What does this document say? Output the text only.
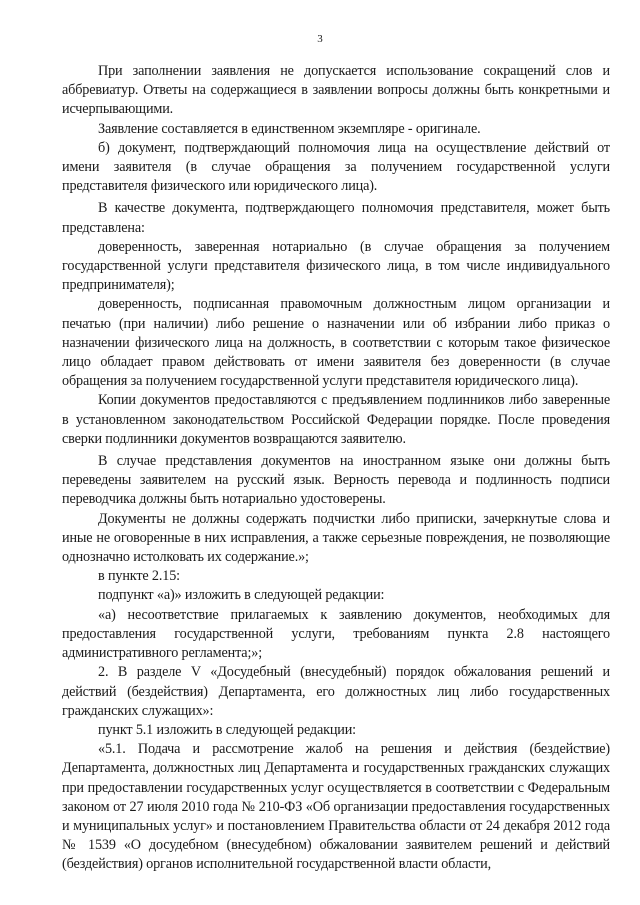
3

При заполнении заявления не допускается использование сокращений слов и аббревиатур. Ответы на содержащиеся в заявлении вопросы должны быть конкретными и исчерпывающими.

Заявление составляется в единственном экземпляре - оригинале.

б) документ, подтверждающий полномочия лица на осуществление действий от имени заявителя (в случае обращения за получением государственной услуги представителя физического или юридического лица).

В качестве документа, подтверждающего полномочия представителя, может быть представлена:

доверенность, заверенная нотариально (в случае обращения за получением государственной услуги представителя физического лица, в том числе индивидуального предпринимателя);

доверенность, подписанная правомочным должностным лицом организации и печатью (при наличии) либо решение о назначении или об избрании либо приказ о назначении физического лица на должность, в соответствии с которым такое физическое лицо обладает правом действовать от имени заявителя без доверенности (в случае обращения за получением государственной услуги представителя юридического лица).

Копии документов предоставляются с предъявлением подлинников либо заверенные в установленном законодательством Российской Федерации порядке. После проведения сверки подлинники документов возвращаются заявителю.

В случае представления документов на иностранном языке они должны быть переведены заявителем на русский язык. Верность перевода и подлинность подписи переводчика должны быть нотариально удостоверены.

Документы не должны содержать подчистки либо приписки, зачеркнутые слова и иные не оговоренные в них исправления, а также серьезные повреждения, не позволяющие однозначно истолковать их содержание.»;

в пункте 2.15:

подпункт «а)» изложить в следующей редакции:

«а) несоответствие прилагаемых к заявлению документов, необходимых для предоставления государственной услуги, требованиям пункта 2.8 настоящего административного регламента;»;

2. В разделе V «Досудебный (внесудебный) порядок обжалования решений и действий (бездействия) Департамента, его должностных лиц либо государственных гражданских служащих»:

пункт 5.1 изложить в следующей редакции:

«5.1. Подача и рассмотрение жалоб на решения и действия (бездействие) Департамента, должностных лиц Департамента и государственных гражданских служащих при предоставлении государственных услуг осуществляется в соответствии с Федеральным законом от 27 июля 2010 года № 210-ФЗ «Об организации предоставления государственных и муниципальных услуг» и постановлением Правительства области от 24 декабря 2012 года № 1539 «О досудебном (внесудебном) обжаловании заявителем решений и действий (бездействия) органов исполнительной государственной власти области,
